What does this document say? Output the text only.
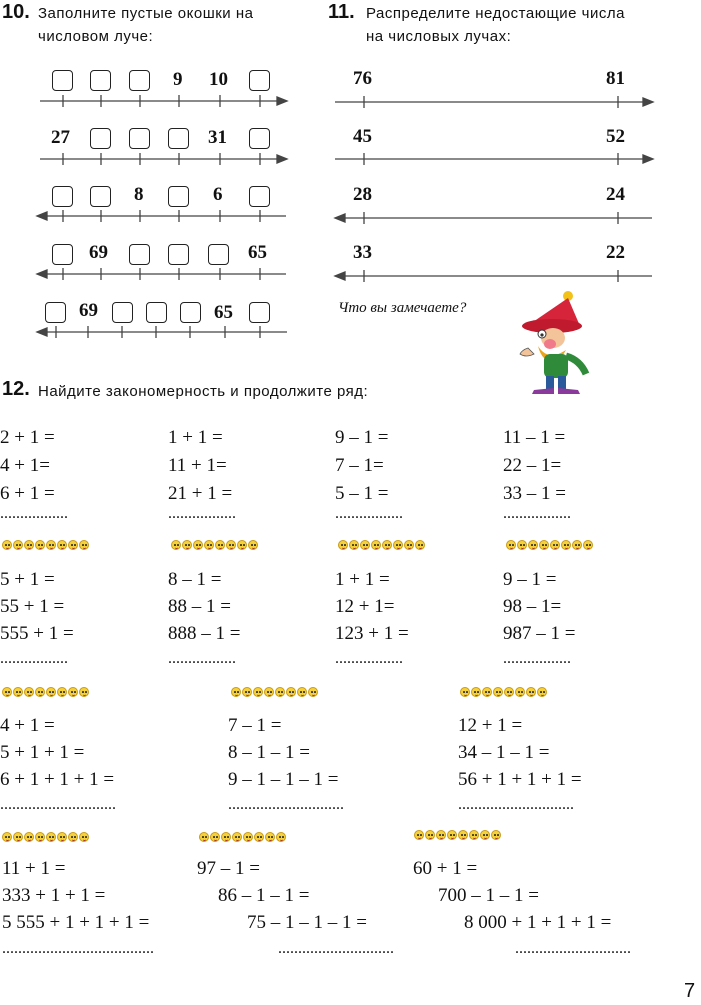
10. Заполните пустые окошки на
числовом луче:
9 10
27	31
8	6
69	65
69	65
11. Распределите недостающие числа
на числовых лучах:
76	81
45	52
28	24
33	22
Что вы замечаете?
12. Найдите закономерность и продолжите ряд:
2 + 1 =
4 + 1=
6 + 1 =
1 + 1 =
11 + 1=
21 + 1 =
9 – 1 =
7 – 1=
5 – 1 =
11 – 1 =
22 – 1=
33 – 1 =
.................	.................	.................	.................
5 + 1 =
55 + 1 =
555 + 1 =
8 – 1 =
88 – 1 =
888 – 1 =
1 + 1 =
12 + 1=
123 + 1 =
9 – 1 =
98 – 1=
987 – 1 =
.................	.................	.................	.................
4 + 1 =
5 + 1 + 1 =
6 + 1 + 1 + 1 =
7 – 1 =
8 – 1 – 1 =
9 – 1 – 1 – 1 =
12 + 1 =
34 – 1 – 1 =
56 + 1 + 1 + 1 =
.............................	.............................	.............................
11 + 1 =
333 + 1 + 1 =
5 555 + 1 + 1 + 1 =
97 – 1 =
86 – 1 – 1 =
75 – 1 – 1 – 1 =
60 + 1 =
700 – 1 – 1 =
8 000 + 1 + 1 + 1 =
......................................	.............................	.............................
7
